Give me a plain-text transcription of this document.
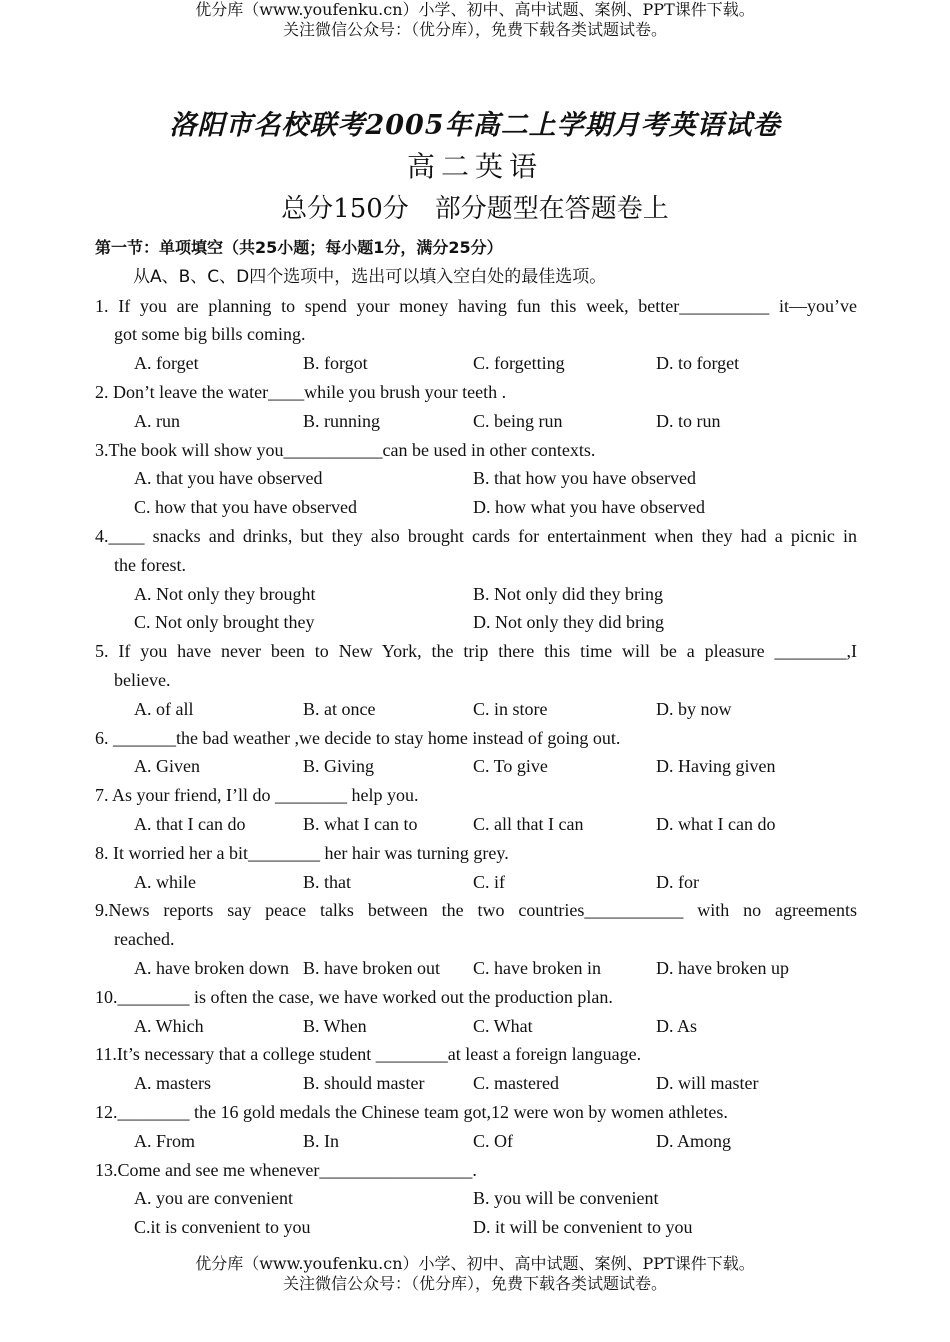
优分库（www.youfenku.cn）小学、初中、高中试题、案例、PPT课件下载。
关注微信公众号：（优分库），免费下载各类试题试卷。
洛阳市名校联考2005年高二上学期月考英语试卷
高二英语
总分150分　部分题型在答题卷上
第一节：单项填空（共25小题；每小题1分，满分25分）
从A、B、C、D四个选项中，选出可以填入空白处的最佳选项。
1. If you are planning to spend your money having fun this week, better__________ it—you’ve
got some big bills coming.
A. forget	B. forgot	C. forgetting	D. to forget
2. Don’t leave the water____while you brush your teeth .
A. run	B. running	C. being run	D. to run
3.The book will show you___________can be used in other contexts.
A. that you have observed	B. that how you have observed
C. how that you have observed	D. how what you have observed
4.____ snacks and drinks, but they also brought cards for entertainment when they had a picnic in
the forest.
A. Not only they brought	B. Not only did they bring
C. Not only brought they	D. Not only they did bring
5. If you have never been to New York, the trip there this time will be a pleasure ________,I
believe.
A. of all	B. at once	C. in store	D. by now
6. _______the bad weather ,we decide to stay home instead of going out.
A. Given	B. Giving	C. To give	D. Having given
7. As your friend, I’ll do ________ help you.
A. that I can do	B. what I can to	C. all that I can	D. what I can do
8. It worried her a bit________ her hair was turning grey.
A. while	B. that	C. if	D. for
9.News reports say peace talks between the two countries___________ with no agreements
reached.
A. have broken down B. have broken out C. have broken in	D. have broken up
10.________ is often the case, we have worked out the production plan.
A. Which	B. When	C. What	D. As
11.It’s necessary that a college student ________at least a foreign language.
A. masters	B. should master	C. mastered	D. will master
12.________ the 16 gold medals the Chinese team got,12 were won by women athletes.
A. From	B. In	C. Of	D. Among
13.Come and see me whenever_________________.
A. you are convenient	B. you will be convenient
C.it is convenient to you	D. it will be convenient to you
优分库（www.youfenku.cn）小学、初中、高中试题、案例、PPT课件下载。
关注微信公众号：（优分库），免费下载各类试题试卷。
